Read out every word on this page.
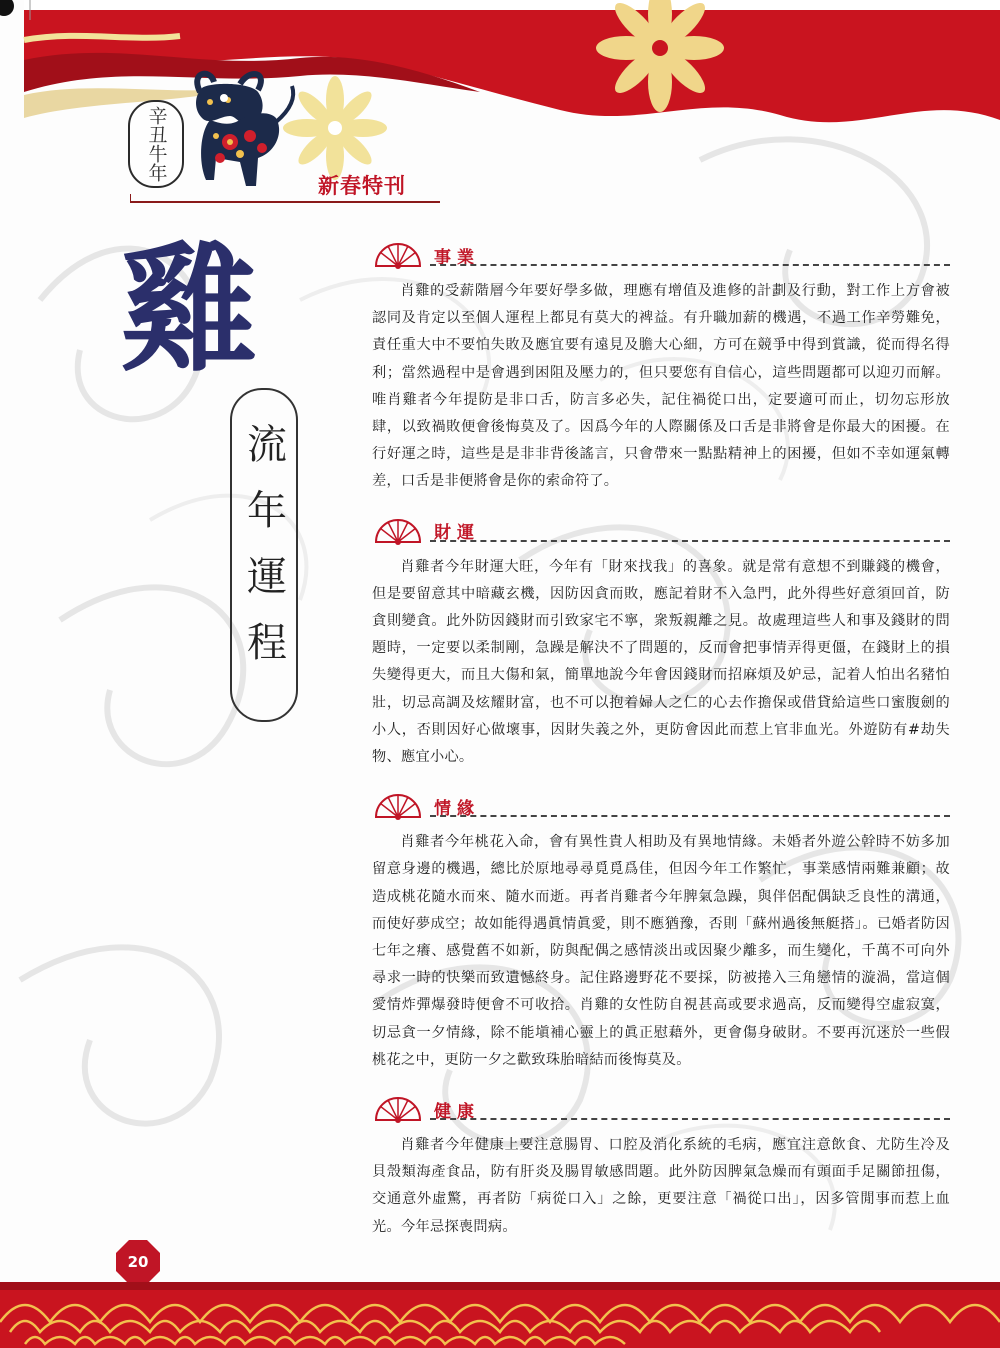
辛丑牛年
新春特刊
雞
流年運程
事業

肖雞的受薪階層今年要好學多做，理應有增值及進修的計劃及行動，對工作上方會被認同及肯定以至個人運程上都見有莫大的裨益。有升職加薪的機遇，不過工作辛勞難免，責任重大中不要怕失敗及應宜要有遠見及膽大心細，方可在競爭中得到賞識，從而得名得利；當然過程中是會遇到困阻及壓力的，但只要您有自信心，這些問題都可以迎刃而解。唯肖雞者今年提防是非口舌，防言多必失，記住禍從口出，定要適可而止，切勿忘形放肆，以致禍敗便會後悔莫及了。因爲今年的人際關係及口舌是非將會是你最大的困擾。在行好運之時，這些是是非非背後謠言，只會帶來一點點精神上的困擾，但如不幸如運氣轉差，口舌是非便將會是你的索命符了。

財運

肖雞者今年財運大旺，今年有「財來找我」的喜象。就是常有意想不到賺錢的機會，但是要留意其中暗藏玄機，因防因貪而敗，應記着財不入急門，此外得些好意須回首，防貪則變貪。此外防因錢財而引致家宅不寧，衆叛親離之見。故處理這些人和事及錢財的問題時，一定要以柔制剛，急躁是解決不了問題的，反而會把事情弄得更僵，在錢財上的損失變得更大，而且大傷和氣，簡單地說今年會因錢財而招麻煩及妒忌，記着人怕出名豬怕壯，切忌高調及炫耀財富，也不可以抱着婦人之仁的心去作擔保或借貸給這些口蜜腹劍的小人，否則因好心做壞事，因財失義之外，更防會因此而惹上官非血光。外遊防有#劫失物、應宜小心。

情緣

肖雞者今年桃花入命，會有異性貴人相助及有異地情緣。未婚者外遊公幹時不妨多加留意身邊的機遇，總比於原地尋尋覓覓爲佳，但因今年工作繁忙，事業感情兩難兼顧；故造成桃花隨水而來、隨水而逝。再者肖雞者今年脾氣急躁，與伴侶配偶缺乏良性的溝通，而使好夢成空；故如能得遇眞情眞愛，則不應猶豫，否則「蘇州過後無艇搭」。已婚者防因七年之癢、感覺舊不如新，防與配偶之感情淡出或因聚少離多，而生變化，千萬不可向外尋求一時的快樂而致遺憾終身。記住路邊野花不要採，防被捲入三角戀情的漩渦，當這個愛情炸彈爆發時便會不可收拾。肖雞的女性防自視甚高或要求過高，反而變得空虛寂寞，切忌貪一夕情緣，除不能塡補心靈上的眞正慰藉外，更會傷身破財。不要再沉迷於一些假桃花之中，更防一夕之歡致珠胎暗結而後悔莫及。

健康

肖雞者今年健康上要注意腸胃、口腔及消化系統的毛病，應宜注意飲食、尤防生冷及貝殼類海產食品，防有肝炎及腸胃敏感問題。此外防因脾氣急燥而有頭面手足關節扭傷，交通意外虛驚，再者防「病從口入」之餘，更要注意「禍從口出」，因多管閒事而惹上血光。今年忌探喪問病。

20
